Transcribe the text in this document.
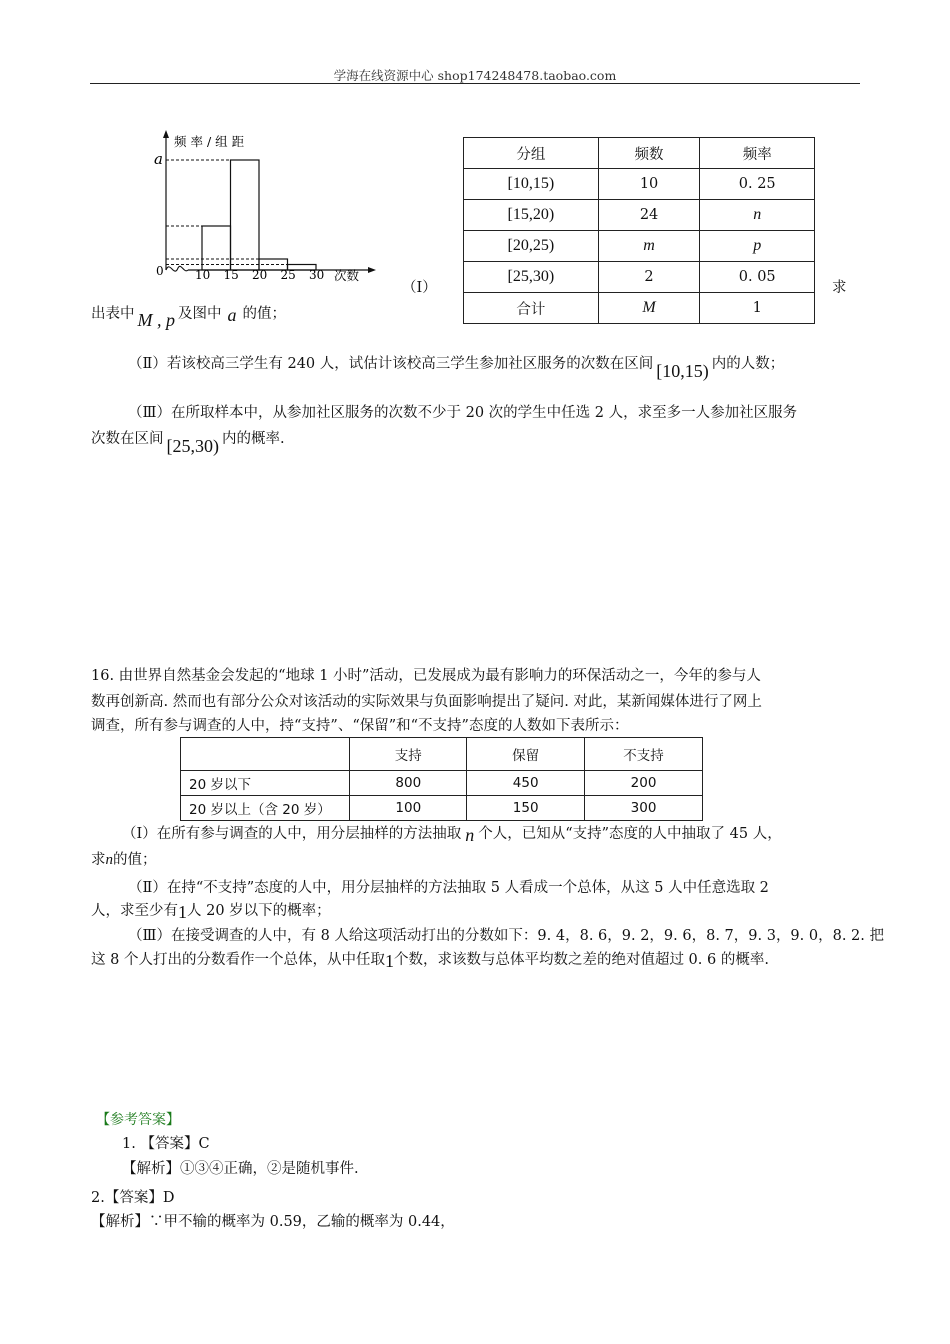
学海在线资源中心 shop174248478.taobao.com
频 率 / 组 距
a
0	次数
10 15 20 25 30
分组	频数	频率
[10,15)	10	0. 25
[15,20)	24	n
[20,25)	m	p
[25,30)	2	0. 05
合计	M	1
（Ⅰ）	求
出表中 M , p 及图中 a 的值；
（Ⅱ）若该校高三学生有 240 人，试估计该校高三学生参加社区服务的次数在区间 [10,15) 内的人数；
（Ⅲ）在所取样本中，从参加社区服务的次数不少于 20 次的学生中任选 2 人，求至多一人参加社区服务
次数在区间 [25,30) 内的概率.
16. 由世界自然基金会发起的“地球 1 小时”活动，已发展成为最有影响力的环保活动之一，今年的参与人
数再创新高. 然而也有部分公众对该活动的实际效果与负面影响提出了疑问. 对此，某新闻媒体进行了网上
调查，所有参与调查的人中，持“支持”、“保留”和“不支持”态度的人数如下表所示：
	支持	保留	不支持
20 岁以下	800	450	200
20 岁以上（含 20 岁）	100	150	300
（Ⅰ）在所有参与调查的人中，用分层抽样的方法抽取 n 个人，已知从“支持”态度的人中抽取了 45 人，
求n的值；
（Ⅱ）在持“不支持”态度的人中，用分层抽样的方法抽取 5 人看成一个总体，从这 5 人中任意选取 2
人，求至少有1人 20 岁以下的概率；
（Ⅲ）在接受调查的人中，有 8 人给这项活动打出的分数如下：9. 4，8. 6，9. 2，9. 6，8. 7，9. 3，9. 0，8. 2. 把
这 8 个人打出的分数看作一个总体，从中任取1个数，求该数与总体平均数之差的绝对值超过 0. 6 的概率.
【参考答案】
1. 【答案】C
【解析】①③④正确，②是随机事件.
2.【答案】D
【解析】∵甲不输的概率为 0.59，乙输的概率为 0.44，
